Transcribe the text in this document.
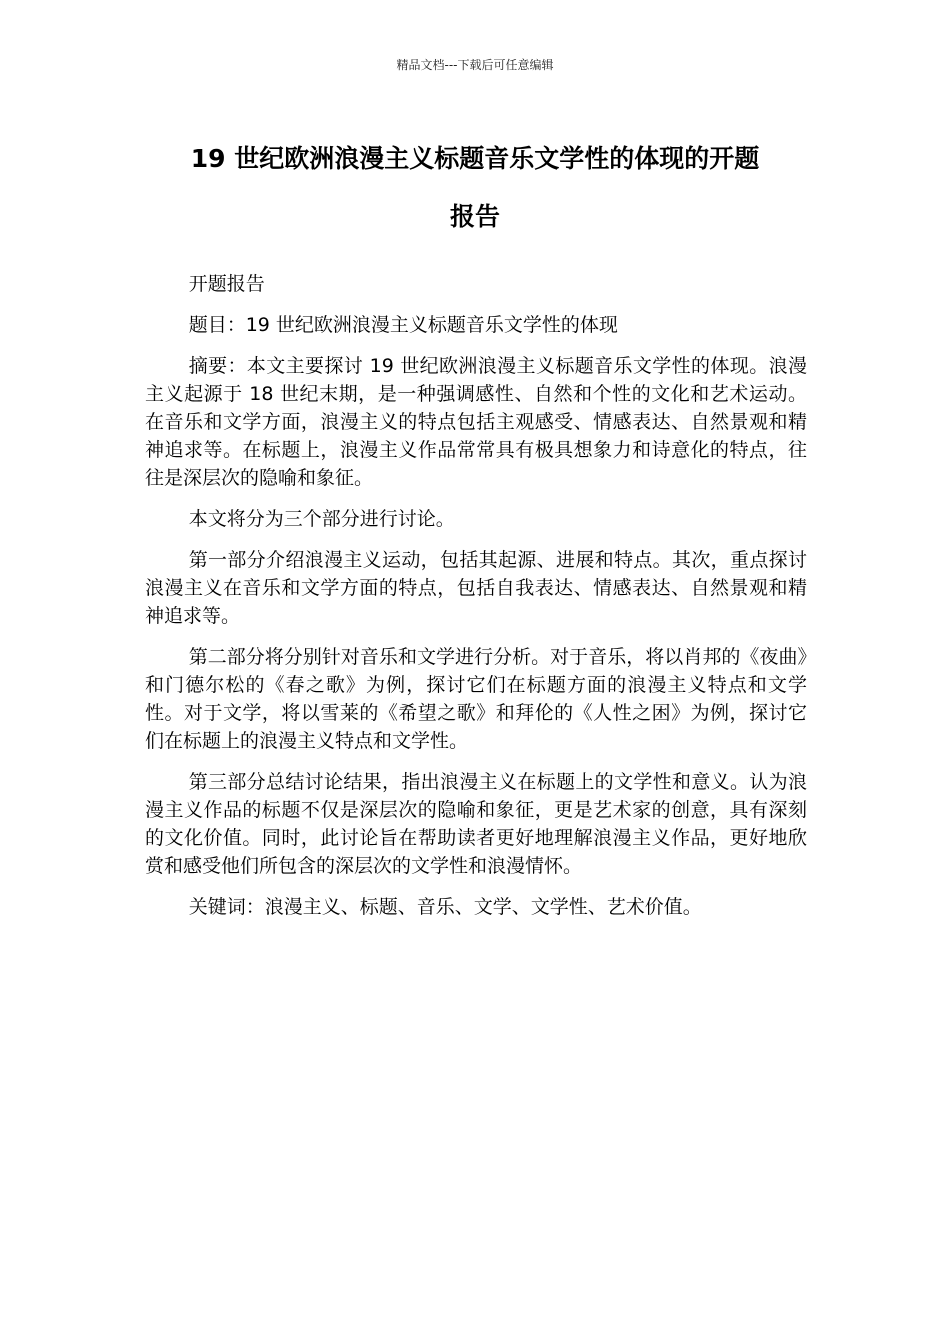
精品文档---下载后可任意编辑
19 世纪欧洲浪漫主义标题音乐文学性的体现的开题
报告

开题报告

题目：19 世纪欧洲浪漫主义标题音乐文学性的体现

摘要：本文主要探讨 19 世纪欧洲浪漫主义标题音乐文学性的体现。浪漫主义起源于 18 世纪末期，是一种强调感性、自然和个性的文化和艺术运动。在音乐和文学方面，浪漫主义的特点包括主观感受、情感表达、自然景观和精神追求等。在标题上，浪漫主义作品常常具有极具想象力和诗意化的特点，往往是深层次的隐喻和象征。

本文将分为三个部分进行讨论。

第一部分介绍浪漫主义运动，包括其起源、进展和特点。其次，重点探讨浪漫主义在音乐和文学方面的特点，包括自我表达、情感表达、自然景观和精神追求等。

第二部分将分别针对音乐和文学进行分析。对于音乐，将以肖邦的《夜曲》和门德尔松的《春之歌》为例，探讨它们在标题方面的浪漫主义特点和文学性。对于文学，将以雪莱的《希望之歌》和拜伦的《人性之困》为例，探讨它们在标题上的浪漫主义特点和文学性。

第三部分总结讨论结果，指出浪漫主义在标题上的文学性和意义。认为浪漫主义作品的标题不仅是深层次的隐喻和象征，更是艺术家的创意，具有深刻的文化价值。同时，此讨论旨在帮助读者更好地理解浪漫主义作品，更好地欣赏和感受他们所包含的深层次的文学性和浪漫情怀。

关键词：浪漫主义、标题、音乐、文学、文学性、艺术价值。
